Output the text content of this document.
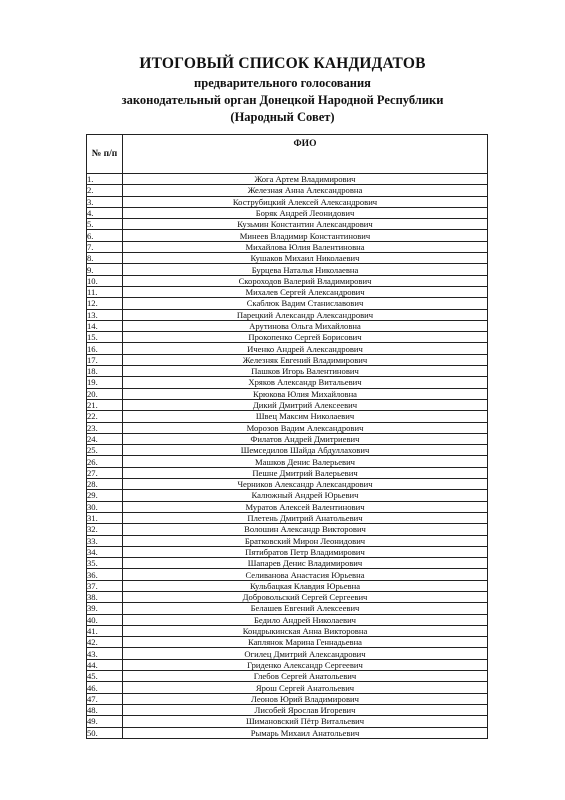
ИТОГОВЫЙ СПИСОК КАНДИДАТОВ
предварительного голосования
законодательный орган Донецкой Народной Республики
(Народный Совет)
№ п/п	ФИО
1.	Жога Артем Владимирович
2.	Железная Анна Александровна
3.	Кострубицкий Алексей Александрович
4.	Боряк Андрей Леонидович
5.	Кузьмин Константин Александрович
6.	Минеев Владимир Константинович
7.	Михайлова Юлия Валентиновна
8.	Кушаков Михаил Николаевич
9.	Бурцева Наталья Николаевна
10.	Скороходов Валерий Владимирович
11.	Михалев Сергей Александрович
12.	Скаблюк Вадим Станиславович
13.	Парецкий Александр Александрович
14.	Арутинова Ольга Михайловна
15.	Прокопенко Сергей Борисович
16.	Иченко Андрей Александрович
17.	Железняк Евгений Владимирович
18.	Пашков Игорь Валентинович
19.	Хряков Александр Витальевич
20.	Крюкова Юлия Михайловна
21.	Дикий Дмитрий Алексеевич
22.	Швец Максим Николаевич
23.	Морозов Вадим Александрович
24.	Филатов Андрей Дмитриевич
25.	Шемседилов Шайда Абдуллахович
26.	Машков Денис Валерьевич
27.	Пешне Дмитрий Валерьевич
28.	Черников Александр Александрович
29.	Калюжный Андрей Юрьевич
30.	Муратов Алексей Валентинович
31.	Плетень Дмитрий Анатольевич
32.	Волошин Александр Викторович
33.	Братковский Мирон Леонидович
34.	Пятибратов Петр Владимирович
35.	Шапарев Денис Владимирович
36.	Селиванова Анастасия Юрьевна
37.	Кульбацкая Клавдия Юрьевна
38.	Добровольский Сергей Сергеевич
39.	Белашев Евгений Алексеевич
40.	Бедило Андрей Николаевич
41.	Кондрыкинская Анна Викторовна
42.	Каплянок Марина Геннадьевна
43.	Огилец Дмитрий Александрович
44.	Гриденко Александр Сергеевич
45.	Глебов Сергей Анатольевич
46.	Ярош Сергей Анатольевич
47.	Леонов Юрий Владимирович
48.	Лисобей Ярослав Игоревич
49.	Шимановский Пётр Витальевич
50.	Рымарь Михаил Анатольевич
